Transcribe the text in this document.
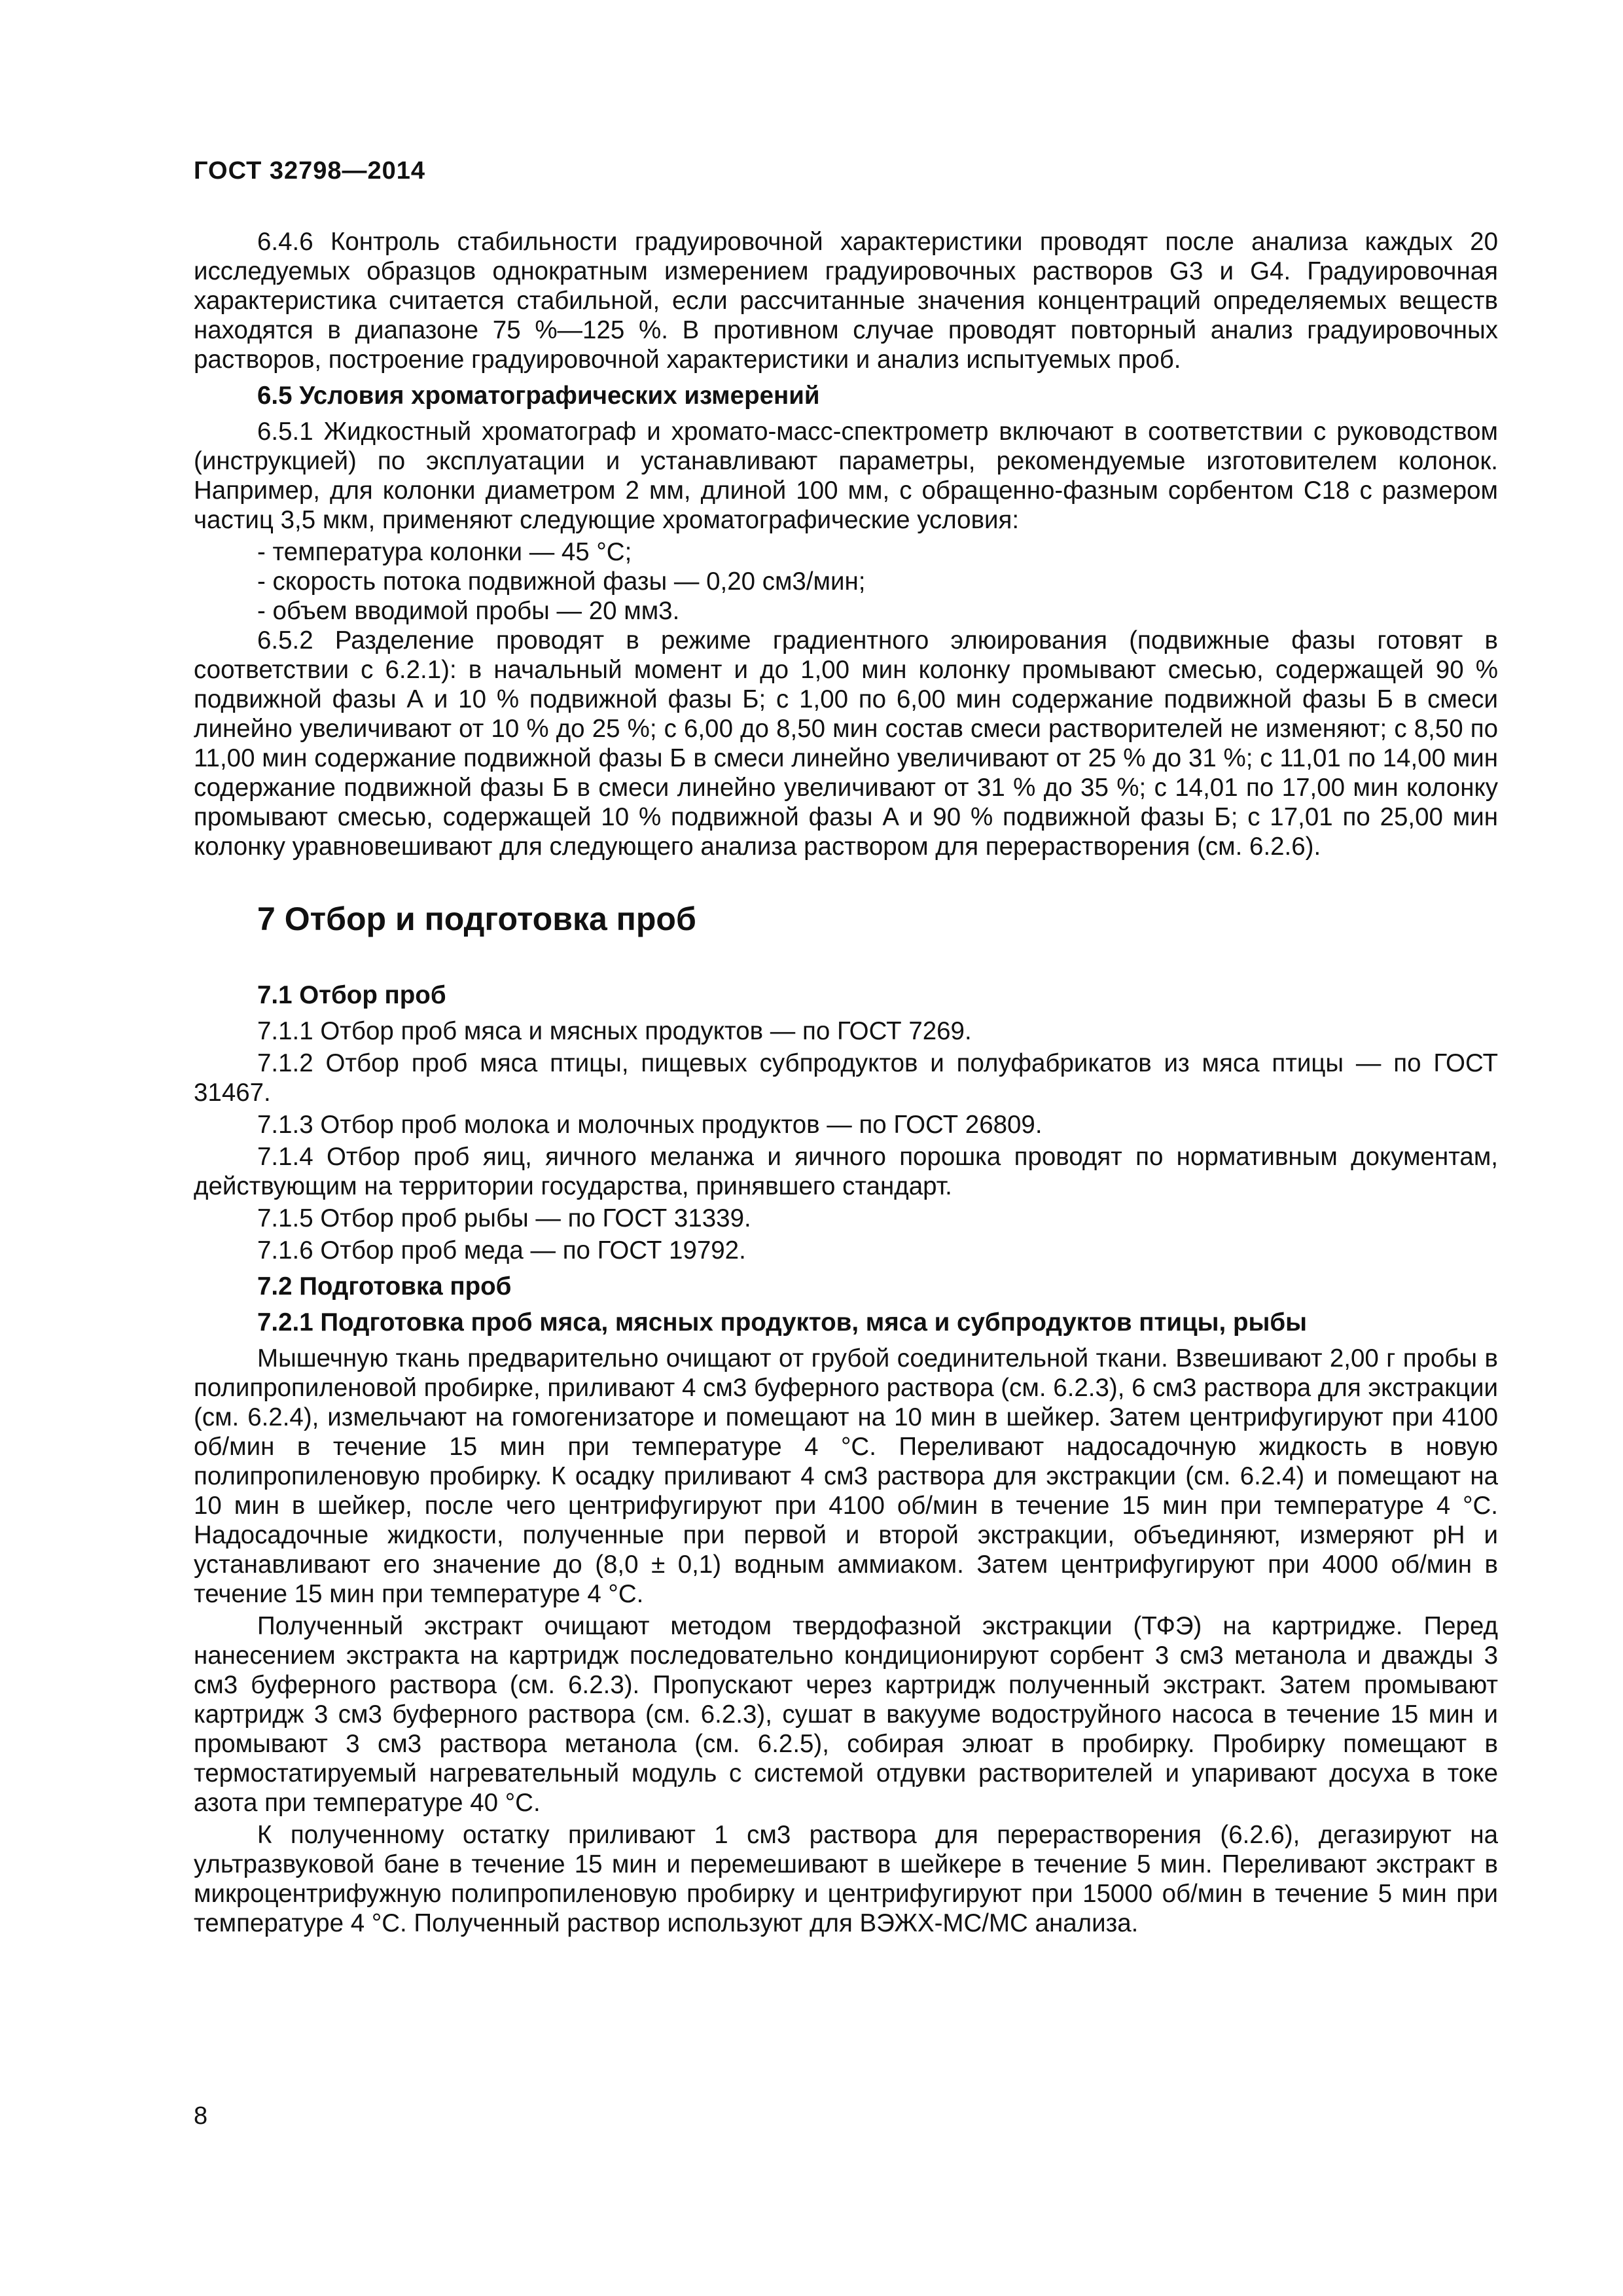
ГОСТ 32798—2014

6.4.6 Контроль стабильности градуировочной характеристики проводят после анализа каждых 20 исследуемых образцов однократным измерением градуировочных растворов G3 и G4. Градуировочная характеристика считается стабильной, если рассчитанные значения концентраций определяемых веществ находятся в диапазоне 75 %—125 %. В противном случае проводят повторный анализ градуировочных растворов, построение градуировочной характеристики и анализ испытуемых проб.

6.5 Условия хроматографических измерений

6.5.1 Жидкостный хроматограф и хромато-масс-спектрометр включают в соответствии с руководством (инструкцией) по эксплуатации и устанавливают параметры, рекомендуемые изготовителем колонок. Например, для колонки диаметром 2 мм, длиной 100 мм, с обращенно-фазным сорбентом С18 с размером частиц 3,5 мкм, применяют следующие хроматографические условия:

- температура колонки — 45 °С;
- скорость потока подвижной фазы — 0,20 см3/мин;
- объем вводимой пробы — 20 мм3.

6.5.2 Разделение проводят в режиме градиентного элюирования (подвижные фазы готовят в соответствии с 6.2.1): в начальный момент и до 1,00 мин колонку промывают смесью, содержащей 90 % подвижной фазы А и 10 % подвижной фазы Б; с 1,00 по 6,00 мин содержание подвижной фазы Б в смеси линейно увеличивают от 10 % до 25 %; с 6,00 до 8,50 мин состав смеси растворителей не изменяют; с 8,50 по 11,00 мин содержание подвижной фазы Б в смеси линейно увеличивают от 25 % до 31 %; с 11,01 по 14,00 мин содержание подвижной фазы Б в смеси линейно увеличивают от 31 % до 35 %; с 14,01 по 17,00 мин колонку промывают смесью, содержащей 10 % подвижной фазы А и 90 % подвижной фазы Б; с 17,01 по 25,00 мин колонку уравновешивают для следующего анализа раствором для перерастворения (см. 6.2.6).

7 Отбор и подготовка проб
7.1 Отбор проб

7.1.1 Отбор проб мяса и мясных продуктов — по ГОСТ 7269.

7.1.2 Отбор проб мяса птицы, пищевых субпродуктов и полуфабрикатов из мяса птицы — по ГОСТ 31467.

7.1.3 Отбор проб молока и молочных продуктов — по ГОСТ 26809.

7.1.4 Отбор проб яиц, яичного меланжа и яичного порошка проводят по нормативным документам, действующим на территории государства, принявшего стандарт.

7.1.5 Отбор проб рыбы — по ГОСТ 31339.

7.1.6 Отбор проб меда — по ГОСТ 19792.

7.2 Подготовка проб
7.2.1 Подготовка проб мяса, мясных продуктов, мяса и субпродуктов птицы, рыбы

Мышечную ткань предварительно очищают от грубой соединительной ткани. Взвешивают 2,00 г пробы в полипропиленовой пробирке, приливают 4 см3 буферного раствора (см. 6.2.3), 6 см3 раствора для экстракции (см. 6.2.4), измельчают на гомогенизаторе и помещают на 10 мин в шейкер. Затем центрифугируют при 4100 об/мин в течение 15 мин при температуре 4 °С. Переливают надосадочную жидкость в новую полипропиленовую пробирку. К осадку приливают 4 см3 раствора для экстракции (см. 6.2.4) и помещают на 10 мин в шейкер, после чего центрифугируют при 4100 об/мин в течение 15 мин при температуре 4 °С. Надосадочные жидкости, полученные при первой и второй экстракции, объединяют, измеряют рН и устанавливают его значение до (8,0 ± 0,1) водным аммиаком. Затем центрифугируют при 4000 об/мин в течение 15 мин при температуре 4 °С.

Полученный экстракт очищают методом твердофазной экстракции (ТФЭ) на картридже. Перед нанесением экстракта на картридж последовательно кондиционируют сорбент 3 см3 метанола и дважды 3 см3 буферного раствора (см. 6.2.3). Пропускают через картридж полученный экстракт. Затем промывают картридж 3 см3 буферного раствора (см. 6.2.3), сушат в вакууме водоструйного насоса в течение 15 мин и промывают 3 см3 раствора метанола (см. 6.2.5), собирая элюат в пробирку. Пробирку помещают в термостатируемый нагревательный модуль с системой отдувки растворителей и упаривают досуха в токе азота при температуре 40 °С.

К полученному остатку приливают 1 см3 раствора для перерастворения (6.2.6), дегазируют на ультразвуковой бане в течение 15 мин и перемешивают в шейкере в течение 5 мин. Переливают экстракт в микроцентрифужную полипропиленовую пробирку и центрифугируют при 15000 об/мин в течение 5 мин при температуре 4 °С. Полученный раствор используют для ВЭЖХ-МС/МС анализа.

8
